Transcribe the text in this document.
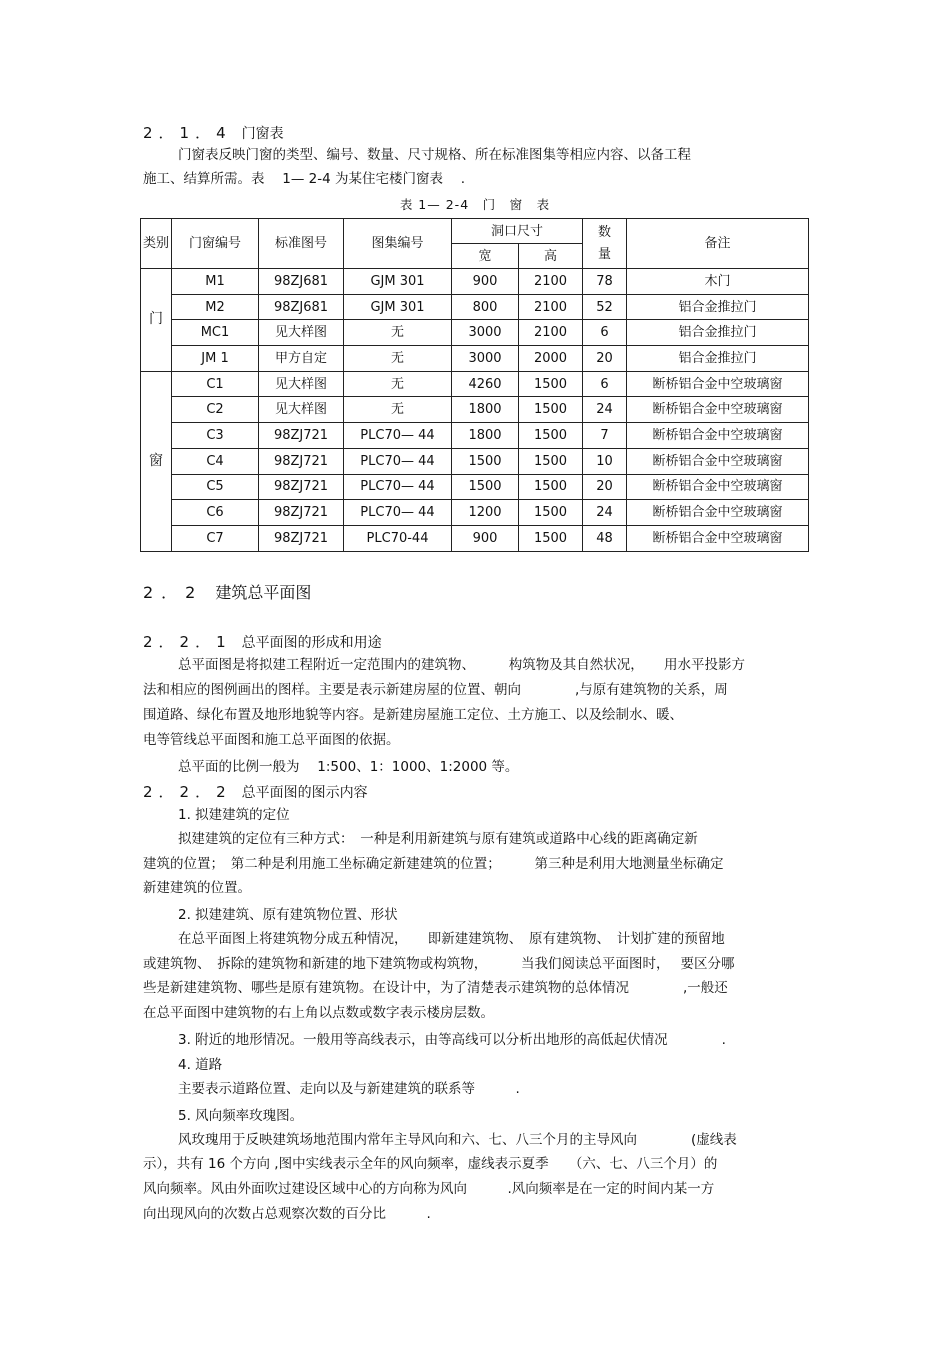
2．1．4 门窗表
门窗表反映门窗的类型、编号、数量、尺寸规格、所在标准图集等相应内容、以备工程
施工、结算所需。表　 1— 2-4 为某住宅楼门窗表　 .
表 1— 2-4　门　窗　表
类别	门窗编号	标准图号	图集编号	洞口尺寸		数量	备注
				宽	高		
门	M1	98ZJ681	GJM 301	900	2100	78	木门
	M2	98ZJ681	GJM 301	800	2100	52	铝合金推拉门
	MC1	见大样图	无	3000	2100	6	铝合金推拉门
	JM 1	甲方自定	无	3000	2000	20	铝合金推拉门
窗	C1	见大样图	无	4260	1500	6	断桥铝合金中空玻璃窗
	C2	见大样图	无	1800	1500	24	断桥铝合金中空玻璃窗
	C3	98ZJ721	PLC70— 44	1800	1500	7	断桥铝合金中空玻璃窗
	C4	98ZJ721	PLC70— 44	1500	1500	10	断桥铝合金中空玻璃窗
	C5	98ZJ721	PLC70— 44	1500	1500	20	断桥铝合金中空玻璃窗
	C6	98ZJ721	PLC70— 44	1200	1500	24	断桥铝合金中空玻璃窗
	C7	98ZJ721	PLC70-44	900	1500	48	断桥铝合金中空玻璃窗
2．2 建筑总平面图
2．2．1 总平面图的形成和用途
总平面图是将拟建工程附近一定范围内的建筑物、　　　构筑物及其自然状况，　　用水平投影方
法和相应的图例画出的图样。主要是表示新建房屋的位置、朝向　　　　,与原有建筑物的关系，周
围道路、绿化布置及地形地貌等内容。是新建房屋施工定位、土方施工、以及绘制水、暖、
电等管线总平面图和施工总平面图的依据。
总平面的比例一般为　 1:500、1：1000、1:2000 等。
2．2．2 总平面图的图示内容
1. 拟建建筑的定位
拟建建筑的定位有三种方式：　一种是利用新建筑与原有建筑或道路中心线的距离确定新
建筑的位置；　第二种是利用施工坐标确定新建建筑的位置；　　　第三种是利用大地测量坐标确定
新建建筑的位置。
2. 拟建建筑、原有建筑物位置、形状
在总平面图上将建筑物分成五种情况，　　即新建建筑物、　原有建筑物、　计划扩建的预留地
或建筑物、　拆除的建筑物和新建的地下建筑物或构筑物，　　　当我们阅读总平面图时，　 要区分哪
些是新建建筑物、哪些是原有建筑物。在设计中，为了清楚表示建筑物的总体情况　　　　,一般还
在总平面图中建筑物的右上角以点数或数字表示楼房层数。
3. 附近的地形情况。一般用等高线表示，由等高线可以分析出地形的高低起伏情况　　　　.
4. 道路
主要表示道路位置、走向以及与新建建筑的联系等　　　.
5. 风向频率玫瑰图。
风玫瑰用于反映建筑场地范围内常年主导风向和六、七、八三个月的主导风向　　　　(虚线表
示），共有 16 个方向 ,图中实线表示全年的风向频率，虚线表示夏季　　（六、七、八三个月）的
风向频率。风由外面吹过建设区域中心的方向称为风向　　　.风向频率是在一定的时间内某一方
向出现风向的次数占总观察次数的百分比　　　.
